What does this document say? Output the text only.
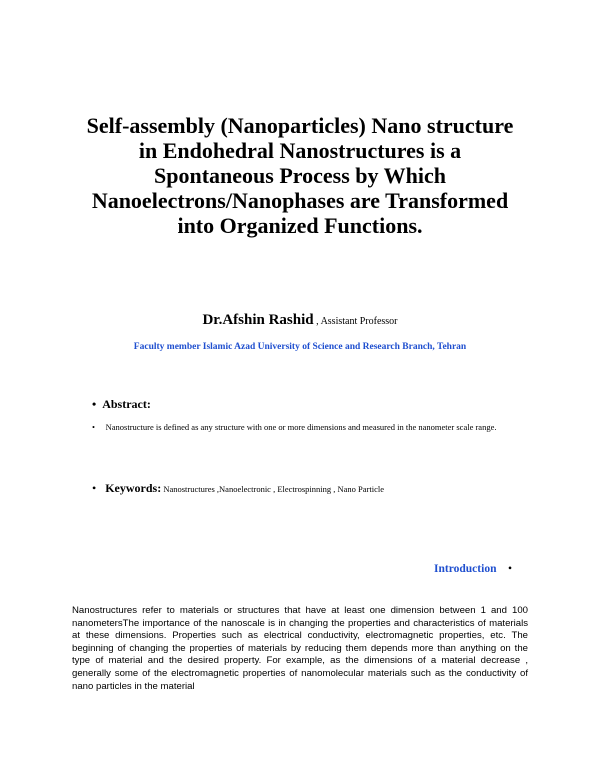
Self-assembly (Nanoparticles) Nano structure
in Endohedral Nanostructures is a
Spontaneous Process by Which
Nanoelectrons/Nanophases are Transformed
into Organized Functions.
Dr.Afshin Rashid , Assistant Professor
Faculty member Islamic Azad University of Science and Research Branch, Tehran
• Abstract:
• Nanostructure is defined as any structure with one or more dimensions and measured in the nanometer scale range.
• Keywords: Nanostructures ,Nanoelectronic , Electrospinning , Nano Particle
Introduction •
Nanostructures refer to materials or structures that have at least one dimension between 1 and 100 nanometersThe importance of the nanoscale is in changing the properties and characteristics of materials at these dimensions. Properties such as electrical conductivity, electromagnetic properties, etc. The beginning of changing the properties of materials by reducing them depends more than anything on the type of material and the desired property. For example, as the dimensions of a material decrease , generally some of the electromagnetic properties of nanomolecular materials such as the conductivity of nano particles in the material
